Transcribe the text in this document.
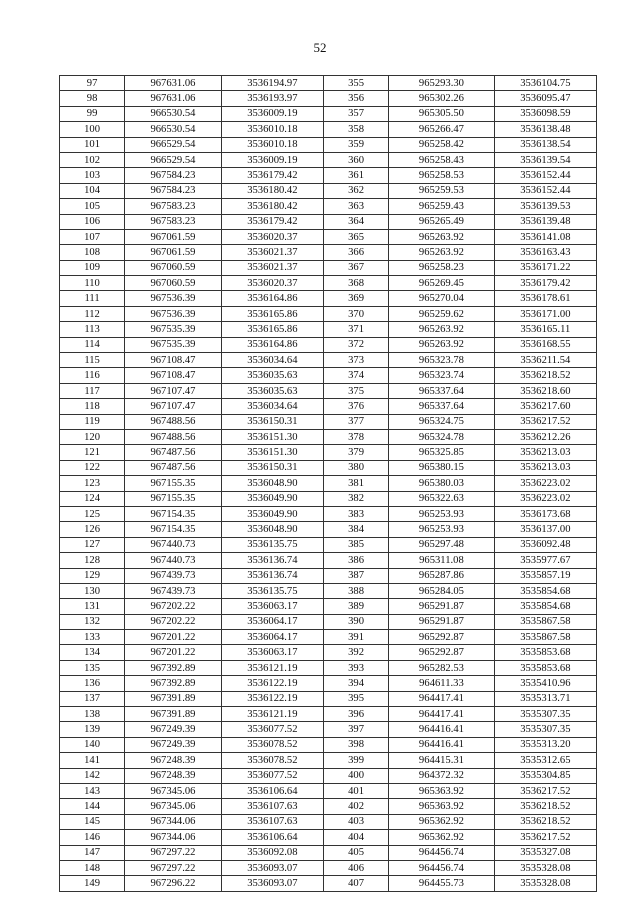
52
97	967631.06	3536194.97	355	965293.30	3536104.75
98	967631.06	3536193.97	356	965302.26	3536095.47
99	966530.54	3536009.19	357	965305.50	3536098.59
100	966530.54	3536010.18	358	965266.47	3536138.48
101	966529.54	3536010.18	359	965258.42	3536138.54
102	966529.54	3536009.19	360	965258.43	3536139.54
103	967584.23	3536179.42	361	965258.53	3536152.44
104	967584.23	3536180.42	362	965259.53	3536152.44
105	967583.23	3536180.42	363	965259.43	3536139.53
106	967583.23	3536179.42	364	965265.49	3536139.48
107	967061.59	3536020.37	365	965263.92	3536141.08
108	967061.59	3536021.37	366	965263.92	3536163.43
109	967060.59	3536021.37	367	965258.23	3536171.22
110	967060.59	3536020.37	368	965269.45	3536179.42
111	967536.39	3536164.86	369	965270.04	3536178.61
112	967536.39	3536165.86	370	965259.62	3536171.00
113	967535.39	3536165.86	371	965263.92	3536165.11
114	967535.39	3536164.86	372	965263.92	3536168.55
115	967108.47	3536034.64	373	965323.78	3536211.54
116	967108.47	3536035.63	374	965323.74	3536218.52
117	967107.47	3536035.63	375	965337.64	3536218.60
118	967107.47	3536034.64	376	965337.64	3536217.60
119	967488.56	3536150.31	377	965324.75	3536217.52
120	967488.56	3536151.30	378	965324.78	3536212.26
121	967487.56	3536151.30	379	965325.85	3536213.03
122	967487.56	3536150.31	380	965380.15	3536213.03
123	967155.35	3536048.90	381	965380.03	3536223.02
124	967155.35	3536049.90	382	965322.63	3536223.02
125	967154.35	3536049.90	383	965253.93	3536173.68
126	967154.35	3536048.90	384	965253.93	3536137.00
127	967440.73	3536135.75	385	965297.48	3536092.48
128	967440.73	3536136.74	386	965311.08	3535977.67
129	967439.73	3536136.74	387	965287.86	3535857.19
130	967439.73	3536135.75	388	965284.05	3535854.68
131	967202.22	3536063.17	389	965291.87	3535854.68
132	967202.22	3536064.17	390	965291.87	3535867.58
133	967201.22	3536064.17	391	965292.87	3535867.58
134	967201.22	3536063.17	392	965292.87	3535853.68
135	967392.89	3536121.19	393	965282.53	3535853.68
136	967392.89	3536122.19	394	964611.33	3535410.96
137	967391.89	3536122.19	395	964417.41	3535313.71
138	967391.89	3536121.19	396	964417.41	3535307.35
139	967249.39	3536077.52	397	964416.41	3535307.35
140	967249.39	3536078.52	398	964416.41	3535313.20
141	967248.39	3536078.52	399	964415.31	3535312.65
142	967248.39	3536077.52	400	964372.32	3535304.85
143	967345.06	3536106.64	401	965363.92	3536217.52
144	967345.06	3536107.63	402	965363.92	3536218.52
145	967344.06	3536107.63	403	965362.92	3536218.52
146	967344.06	3536106.64	404	965362.92	3536217.52
147	967297.22	3536092.08	405	964456.74	3535327.08
148	967297.22	3536093.07	406	964456.74	3535328.08
149	967296.22	3536093.07	407	964455.73	3535328.08
